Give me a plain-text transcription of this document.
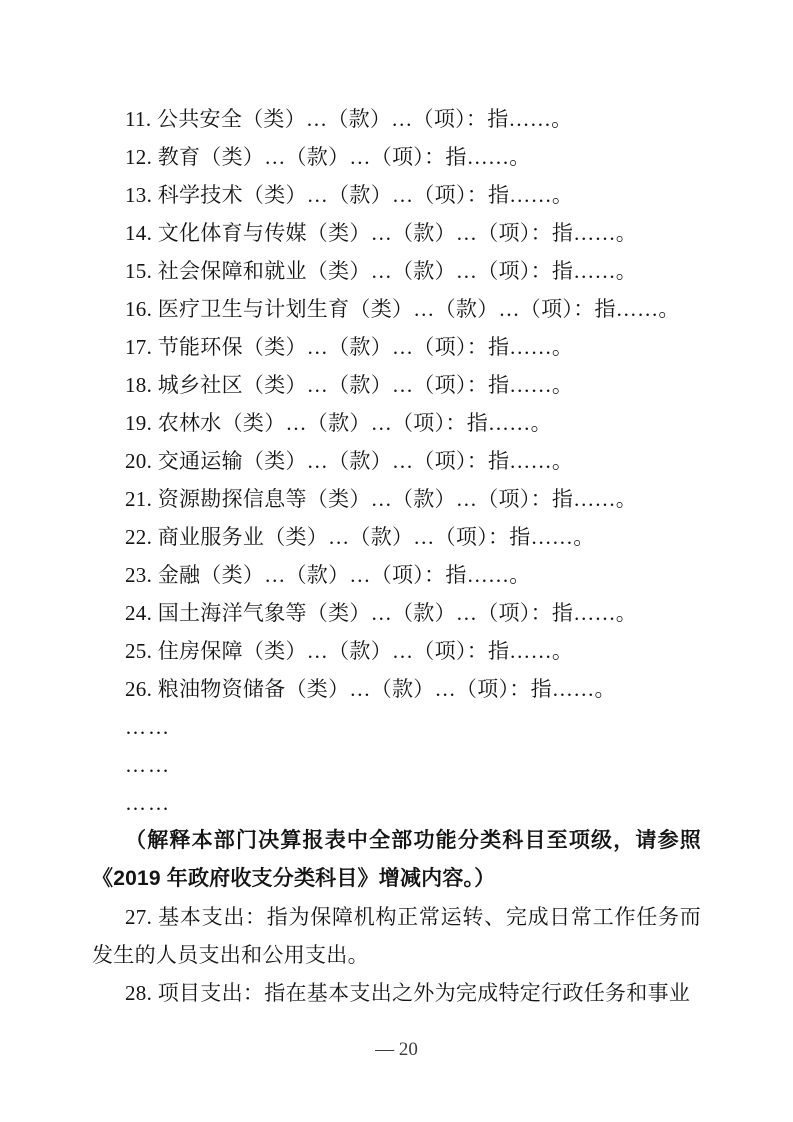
11. 公共安全（类）…（款）…（项）：指……。

12. 教育（类）…（款）…（项）：指……。

13. 科学技术（类）…（款）…（项）：指……。

14. 文化体育与传媒（类）…（款）…（项）：指……。

15. 社会保障和就业（类）…（款）…（项）：指……。

16. 医疗卫生与计划生育（类）…（款）…（项）：指……。

17. 节能环保（类）…（款）…（项）：指……。

18. 城乡社区（类）…（款）…（项）：指……。

19. 农林水（类）…（款）…（项）：指……。

20. 交通运输（类）…（款）…（项）：指……。

21. 资源勘探信息等（类）…（款）…（项）：指……。

22. 商业服务业（类）…（款）…（项）：指……。

23. 金融（类）…（款）…（项）：指……。

24. 国土海洋气象等（类）…（款）…（项）：指……。

25. 住房保障（类）…（款）…（项）：指……。

26. 粮油物资储备（类）…（款）…（项）：指……。

……

……

……

（解释本部门决算报表中全部功能分类科目至项级，请参照《2019 年政府收支分类科目》增减内容。）

27. 基本支出：指为保障机构正常运转、完成日常工作任务而发生的人员支出和公用支出。

28. 项目支出：指在基本支出之外为完成特定行政任务和事业

— 20
